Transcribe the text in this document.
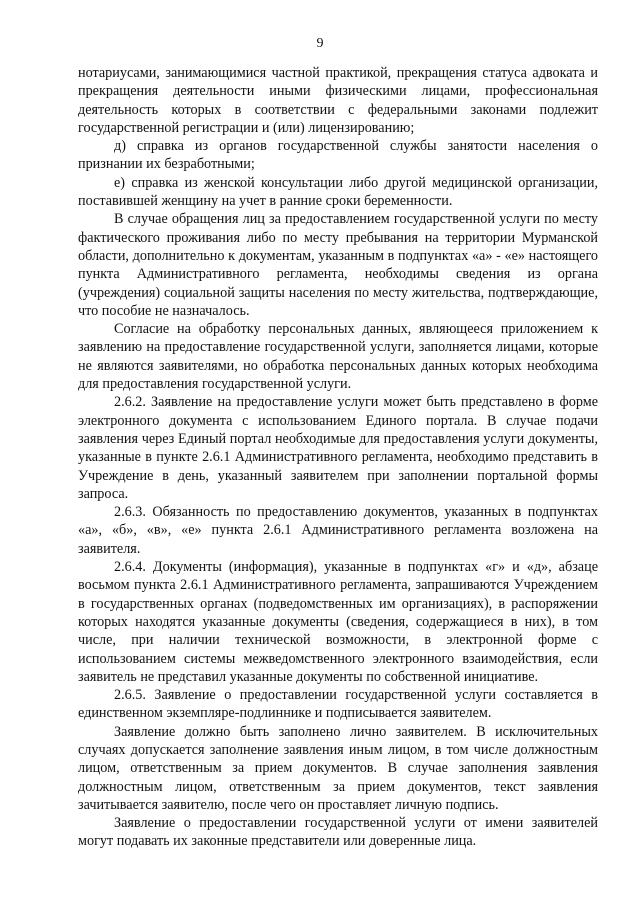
9

нотариусами, занимающимися частной практикой, прекращения статуса адвоката и прекращения деятельности иными физическими лицами, профессиональная деятельность которых в соответствии с федеральными законами подлежит государственной регистрации и (или) лицензированию;

д) справка из органов государственной службы занятости населения о признании их безработными;

е) справка из женской консультации либо другой медицинской организации, поставившей женщину на учет в ранние сроки беременности.

В случае обращения лиц за предоставлением государственной услуги по месту фактического проживания либо по месту пребывания на территории Мурманской области, дополнительно к документам, указанным в подпунктах «а» - «е» настоящего пункта Административного регламента, необходимы сведения из органа (учреждения) социальной защиты населения по месту жительства, подтверждающие, что пособие не назначалось.

Согласие на обработку персональных данных, являющееся приложением к заявлению на предоставление государственной услуги, заполняется лицами, которые не являются заявителями, но обработка персональных данных которых необходима для предоставления государственной услуги.

2.6.2. Заявление на предоставление услуги может быть представлено в форме электронного документа с использованием Единого портала. В случае подачи заявления через Единый портал необходимые для предоставления услуги документы, указанные в пункте 2.6.1 Административного регламента, необходимо представить в Учреждение в день, указанный заявителем при заполнении портальной формы запроса.

2.6.3. Обязанность по предоставлению документов, указанных в подпунктах «а», «б», «в», «е» пункта 2.6.1 Административного регламента возложена на заявителя.

2.6.4. Документы (информация), указанные в подпунктах «г» и «д», абзаце восьмом пункта 2.6.1 Административного регламента, запрашиваются Учреждением в государственных органах (подведомственных им организациях), в распоряжении которых находятся указанные документы (сведения, содержащиеся в них), в том числе, при наличии технической возможности, в электронной форме с использованием системы межведомственного электронного взаимодействия, если заявитель не представил указанные документы по собственной инициативе.

2.6.5. Заявление о предоставлении государственной услуги составляется в единственном экземпляре-подлиннике и подписывается заявителем.

Заявление должно быть заполнено лично заявителем. В исключительных случаях допускается заполнение заявления иным лицом, в том числе должностным лицом, ответственным за прием документов. В случае заполнения заявления должностным лицом, ответственным за прием документов, текст заявления зачитывается заявителю, после чего он проставляет личную подпись.

Заявление о предоставлении государственной услуги от имени заявителей могут подавать их законные представители или доверенные лица.
